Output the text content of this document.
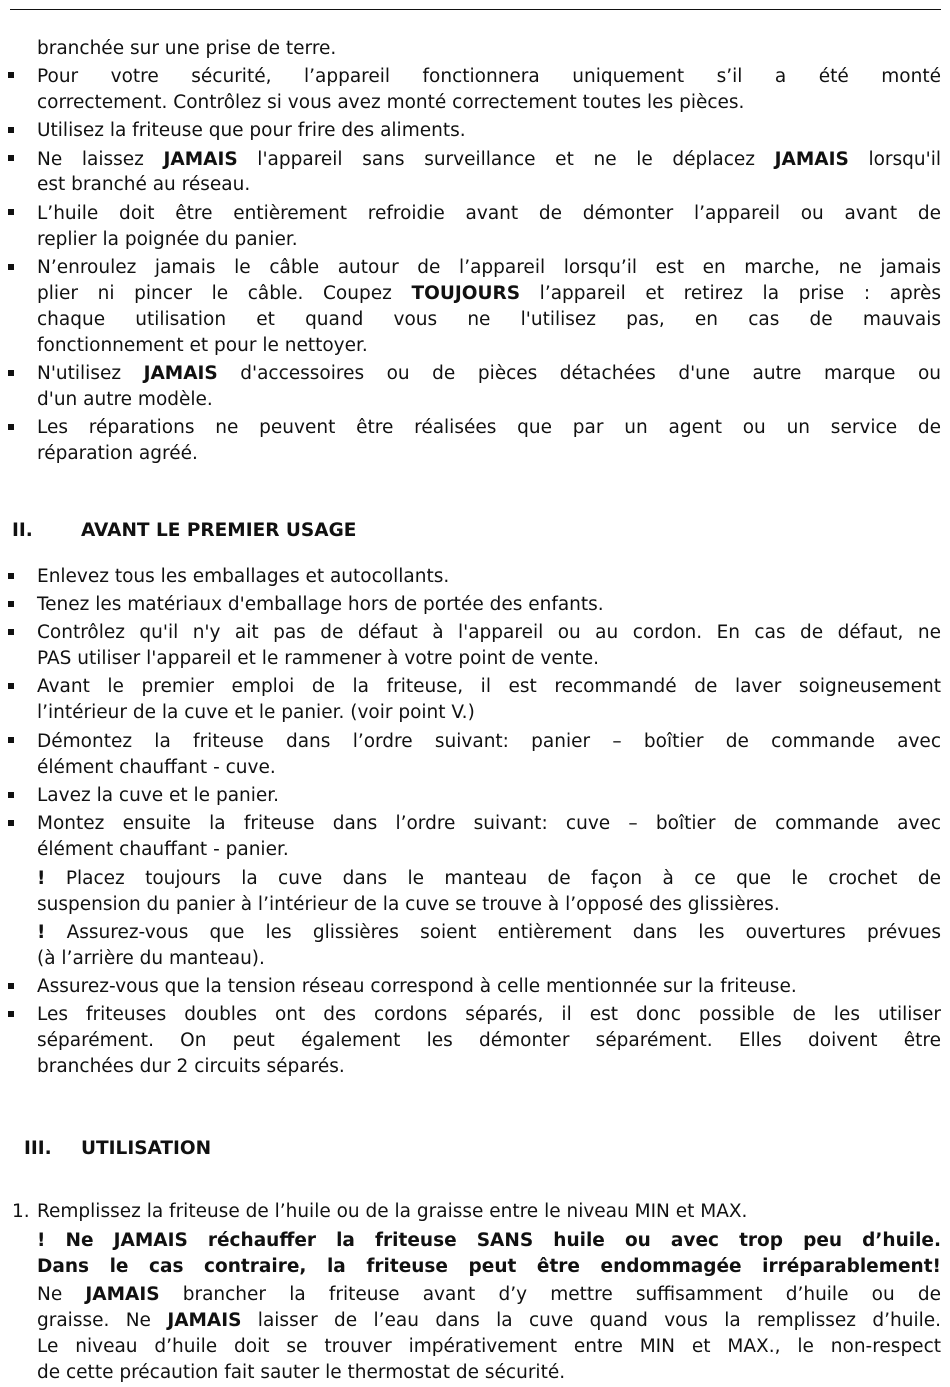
branchée sur une prise de terre.
Pour votre sécurité, l’appareil fonctionnera uniquement s’il a été monté
correctement. Contrôlez si vous avez monté correctement toutes les pièces.
Utilisez la friteuse que pour frire des aliments.
Ne laissez JAMAIS l'appareil sans surveillance et ne le déplacez JAMAIS lorsqu'il
est branché au réseau.
L’huile doit être entièrement refroidie avant de démonter l’appareil ou avant de
replier la poignée du panier.
N’enroulez jamais le câble autour de l’appareil lorsqu’il est en marche, ne jamais
plier ni pincer le câble. Coupez TOUJOURS l’appareil et retirez la prise : après
chaque utilisation et quand vous ne l'utilisez pas, en cas de mauvais
fonctionnement et pour le nettoyer.
N'utilisez JAMAIS d'accessoires ou de pièces détachées d'une autre marque ou
d'un autre modèle.
Les réparations ne peuvent être réalisées que par un agent ou un service de
réparation agréé.
II.	AVANT LE PREMIER USAGE
Enlevez tous les emballages et autocollants.
Tenez les matériaux d'emballage hors de portée des enfants.
Contrôlez qu'il n'y ait pas de défaut à l'appareil ou au cordon. En cas de défaut, ne
PAS utiliser l'appareil et le rammener à votre point de vente.
Avant le premier emploi de la friteuse, il est recommandé de laver soigneusement
l’intérieur de la cuve et le panier. (voir point V.)
Démontez la friteuse dans l’ordre suivant: panier – boîtier de commande avec
élément chauffant - cuve.
Lavez la cuve et le panier.
Montez ensuite la friteuse dans l’ordre suivant: cuve – boîtier de commande avec
élément chauffant - panier.
! Placez toujours la cuve dans le manteau de façon à ce que le crochet de
suspension du panier à l’intérieur de la cuve se trouve à l’opposé des glissières.
! Assurez-vous que les glissières soient entièrement dans les ouvertures prévues
(à l’arrière du manteau).
Assurez-vous que la tension réseau correspond à celle mentionnée sur la friteuse.
Les friteuses doubles ont des cordons séparés, il est donc possible de les utiliser
séparément. On peut également les démonter séparément. Elles doivent être
branchées dur 2 circuits séparés.
III. UTILISATION
1. Remplissez la friteuse de l’huile ou de la graisse entre le niveau MIN et MAX.
! Ne JAMAIS réchauffer la friteuse SANS huile ou avec trop peu d’huile.
Dans le cas contraire, la friteuse peut être endommagée irréparablement!
Ne JAMAIS brancher la friteuse avant d’y mettre suffisamment d’huile ou de
graisse. Ne JAMAIS laisser de l’eau dans la cuve quand vous la remplissez d’huile.
Le niveau d’huile doit se trouver impérativement entre MIN et MAX., le non-respect
de cette précaution fait sauter le thermostat de sécurité.
